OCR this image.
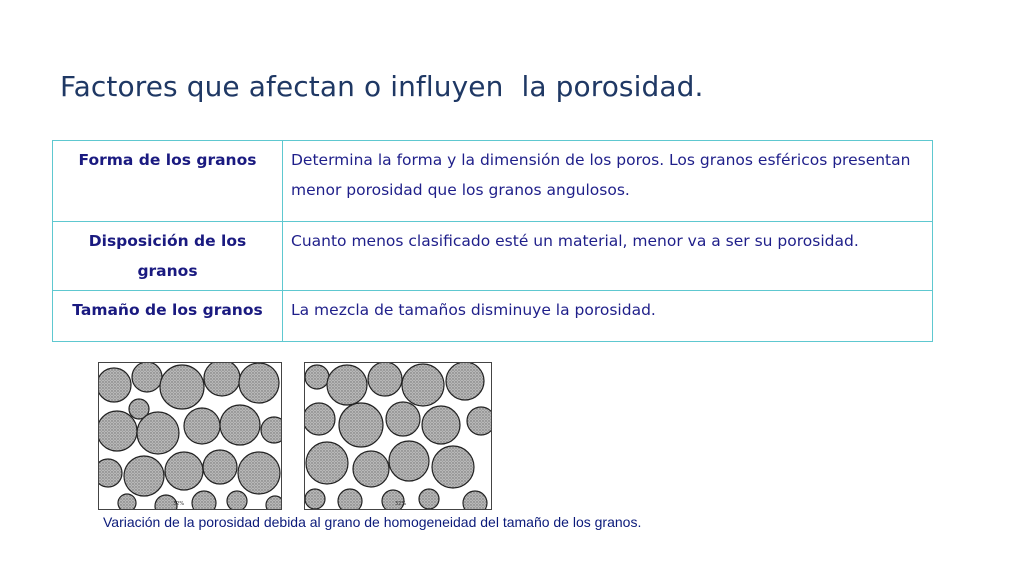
Factores que afectan o influyen  la porosidad.
Forma de los granos	Determina la forma y la dimensión de los poros. Los granos esféricos presentan menor porosidad que los granos angulosos.
Disposición de los granos	Cuanto menos clasificado esté un material, menor va a ser su porosidad.
Tamaño de los granos	La mezcla de tamaños disminuye la porosidad.
32%	32%
Variación de la porosidad debida al grano de homogeneidad del tamaño de los granos.
